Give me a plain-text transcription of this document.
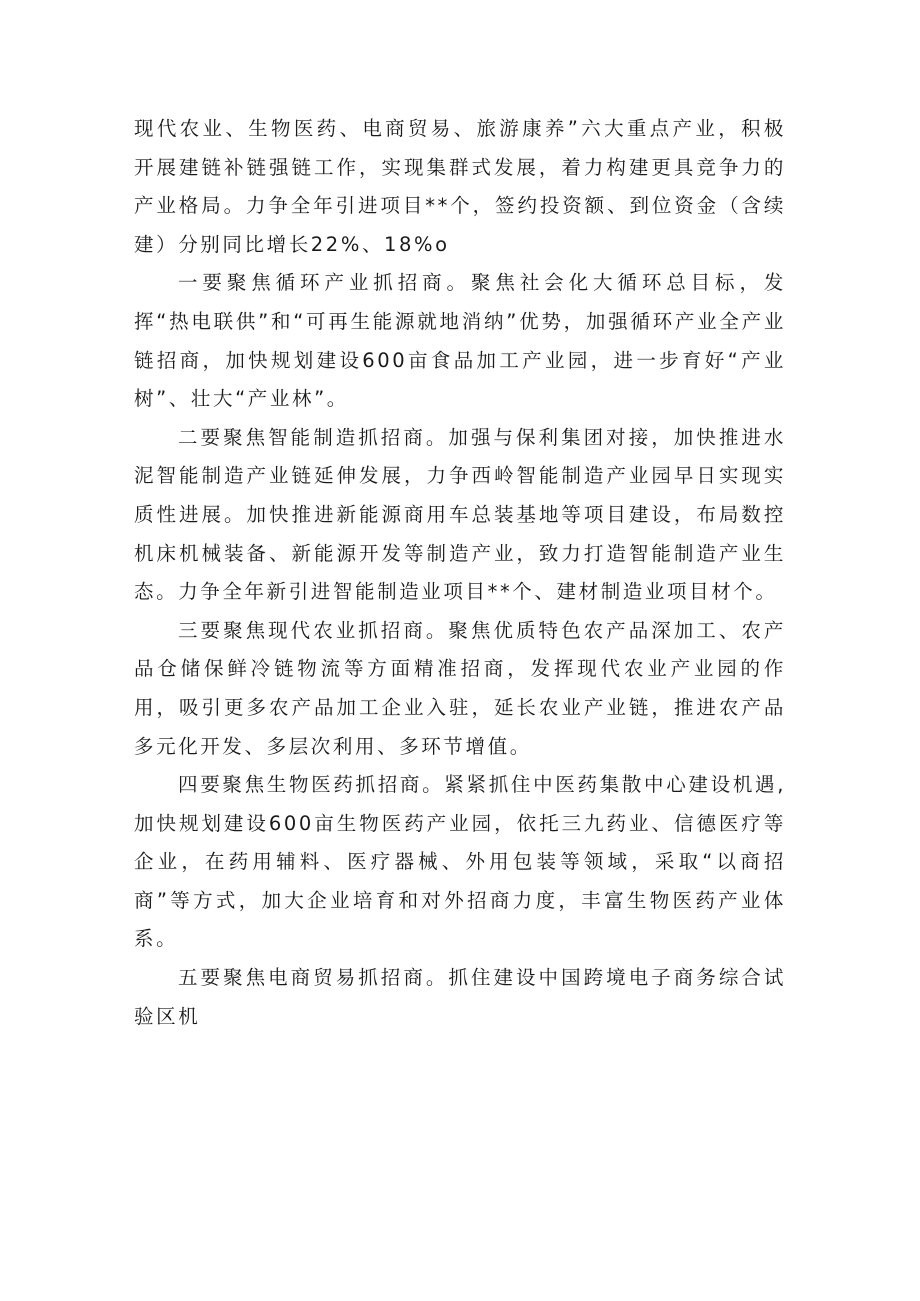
现代农业、生物医药、电商贸易、旅游康养”六大重点产业，积极开展建链补链强链工作，实现集群式发展，着力构建更具竞争力的产业格局。力争全年引进项目**个，签约投资额、到位资金（含续建）分别同比增长22%、18%o

一要聚焦循环产业抓招商。聚焦社会化大循环总目标，发挥“热电联供”和“可再生能源就地消纳”优势，加强循环产业全产业链招商，加快规划建设600亩食品加工产业园，进一步育好“产业树”、壮大“产业林”。

二要聚焦智能制造抓招商。加强与保利集团对接，加快推进水泥智能制造产业链延伸发展，力争西岭智能制造产业园早日实现实质性进展。加快推进新能源商用车总装基地等项目建设，布局数控机床机械装备、新能源开发等制造产业，致力打造智能制造产业生态。力争全年新引进智能制造业项目**个、建材制造业项目材个。

三要聚焦现代农业抓招商。聚焦优质特色农产品深加工、农产品仓储保鲜冷链物流等方面精准招商，发挥现代农业产业园的作用，吸引更多农产品加工企业入驻，延长农业产业链，推进农产品多元化开发、多层次利用、多环节增值。

四要聚焦生物医药抓招商。紧紧抓住中医药集散中心建设机遇,加快规划建设600亩生物医药产业园，依托三九药业、信德医疗等企业，在药用辅料、医疗器械、外用包装等领域，采取“以商招商”等方式，加大企业培育和对外招商力度，丰富生物医药产业体系。

五要聚焦电商贸易抓招商。抓住建设中国跨境电子商务综合试验区机
